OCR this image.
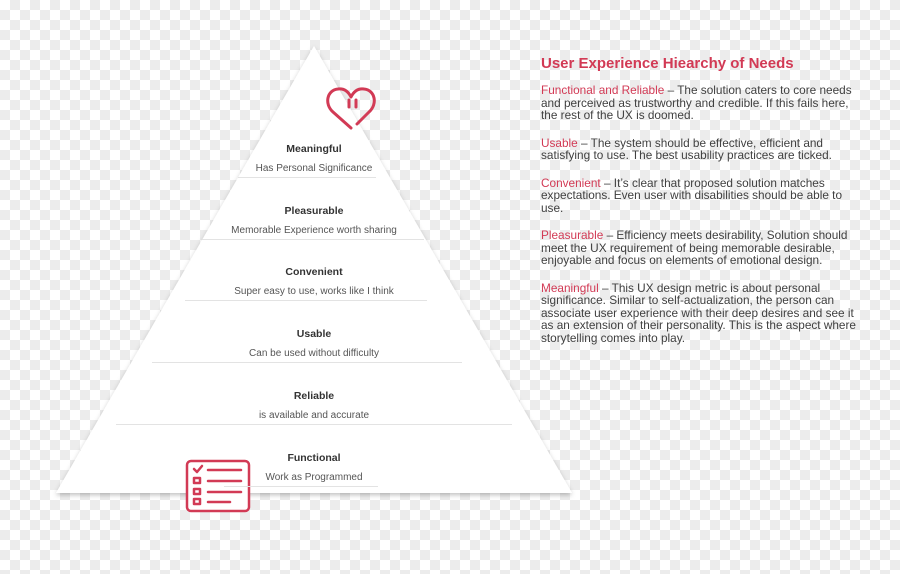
Meaningful
Has Personal Significance
Pleasurable
Memorable Experience worth sharing
Convenient
Super easy to use, works like I think
Usable
Can be used without difficulty
Reliable
is available and accurate
Functional
Work as Programmed
User Experience Hiearchy of Needs
Functional and Reliable – The solution caters to core needs and perceived as trustworthy and credible. If this fails here, the rest of the UX is doomed.
Usable – The system should be effective, efficient and satisfying to use. The best usability practices are ticked.
Convenient – It’s clear that proposed solution matches expectations. Even user with disabilities should be able to use.
Pleasurable – Efficiency meets desirability, Solution should meet the UX requirement of being memorable desirable, enjoyable and focus on elements of emotional design.
Meaningful – This UX design metric is about personal significance. Similar to self-actualization, the person can associate user experience with their deep desires and see it as an extension of their personality. This is the aspect where storytelling comes into play.
